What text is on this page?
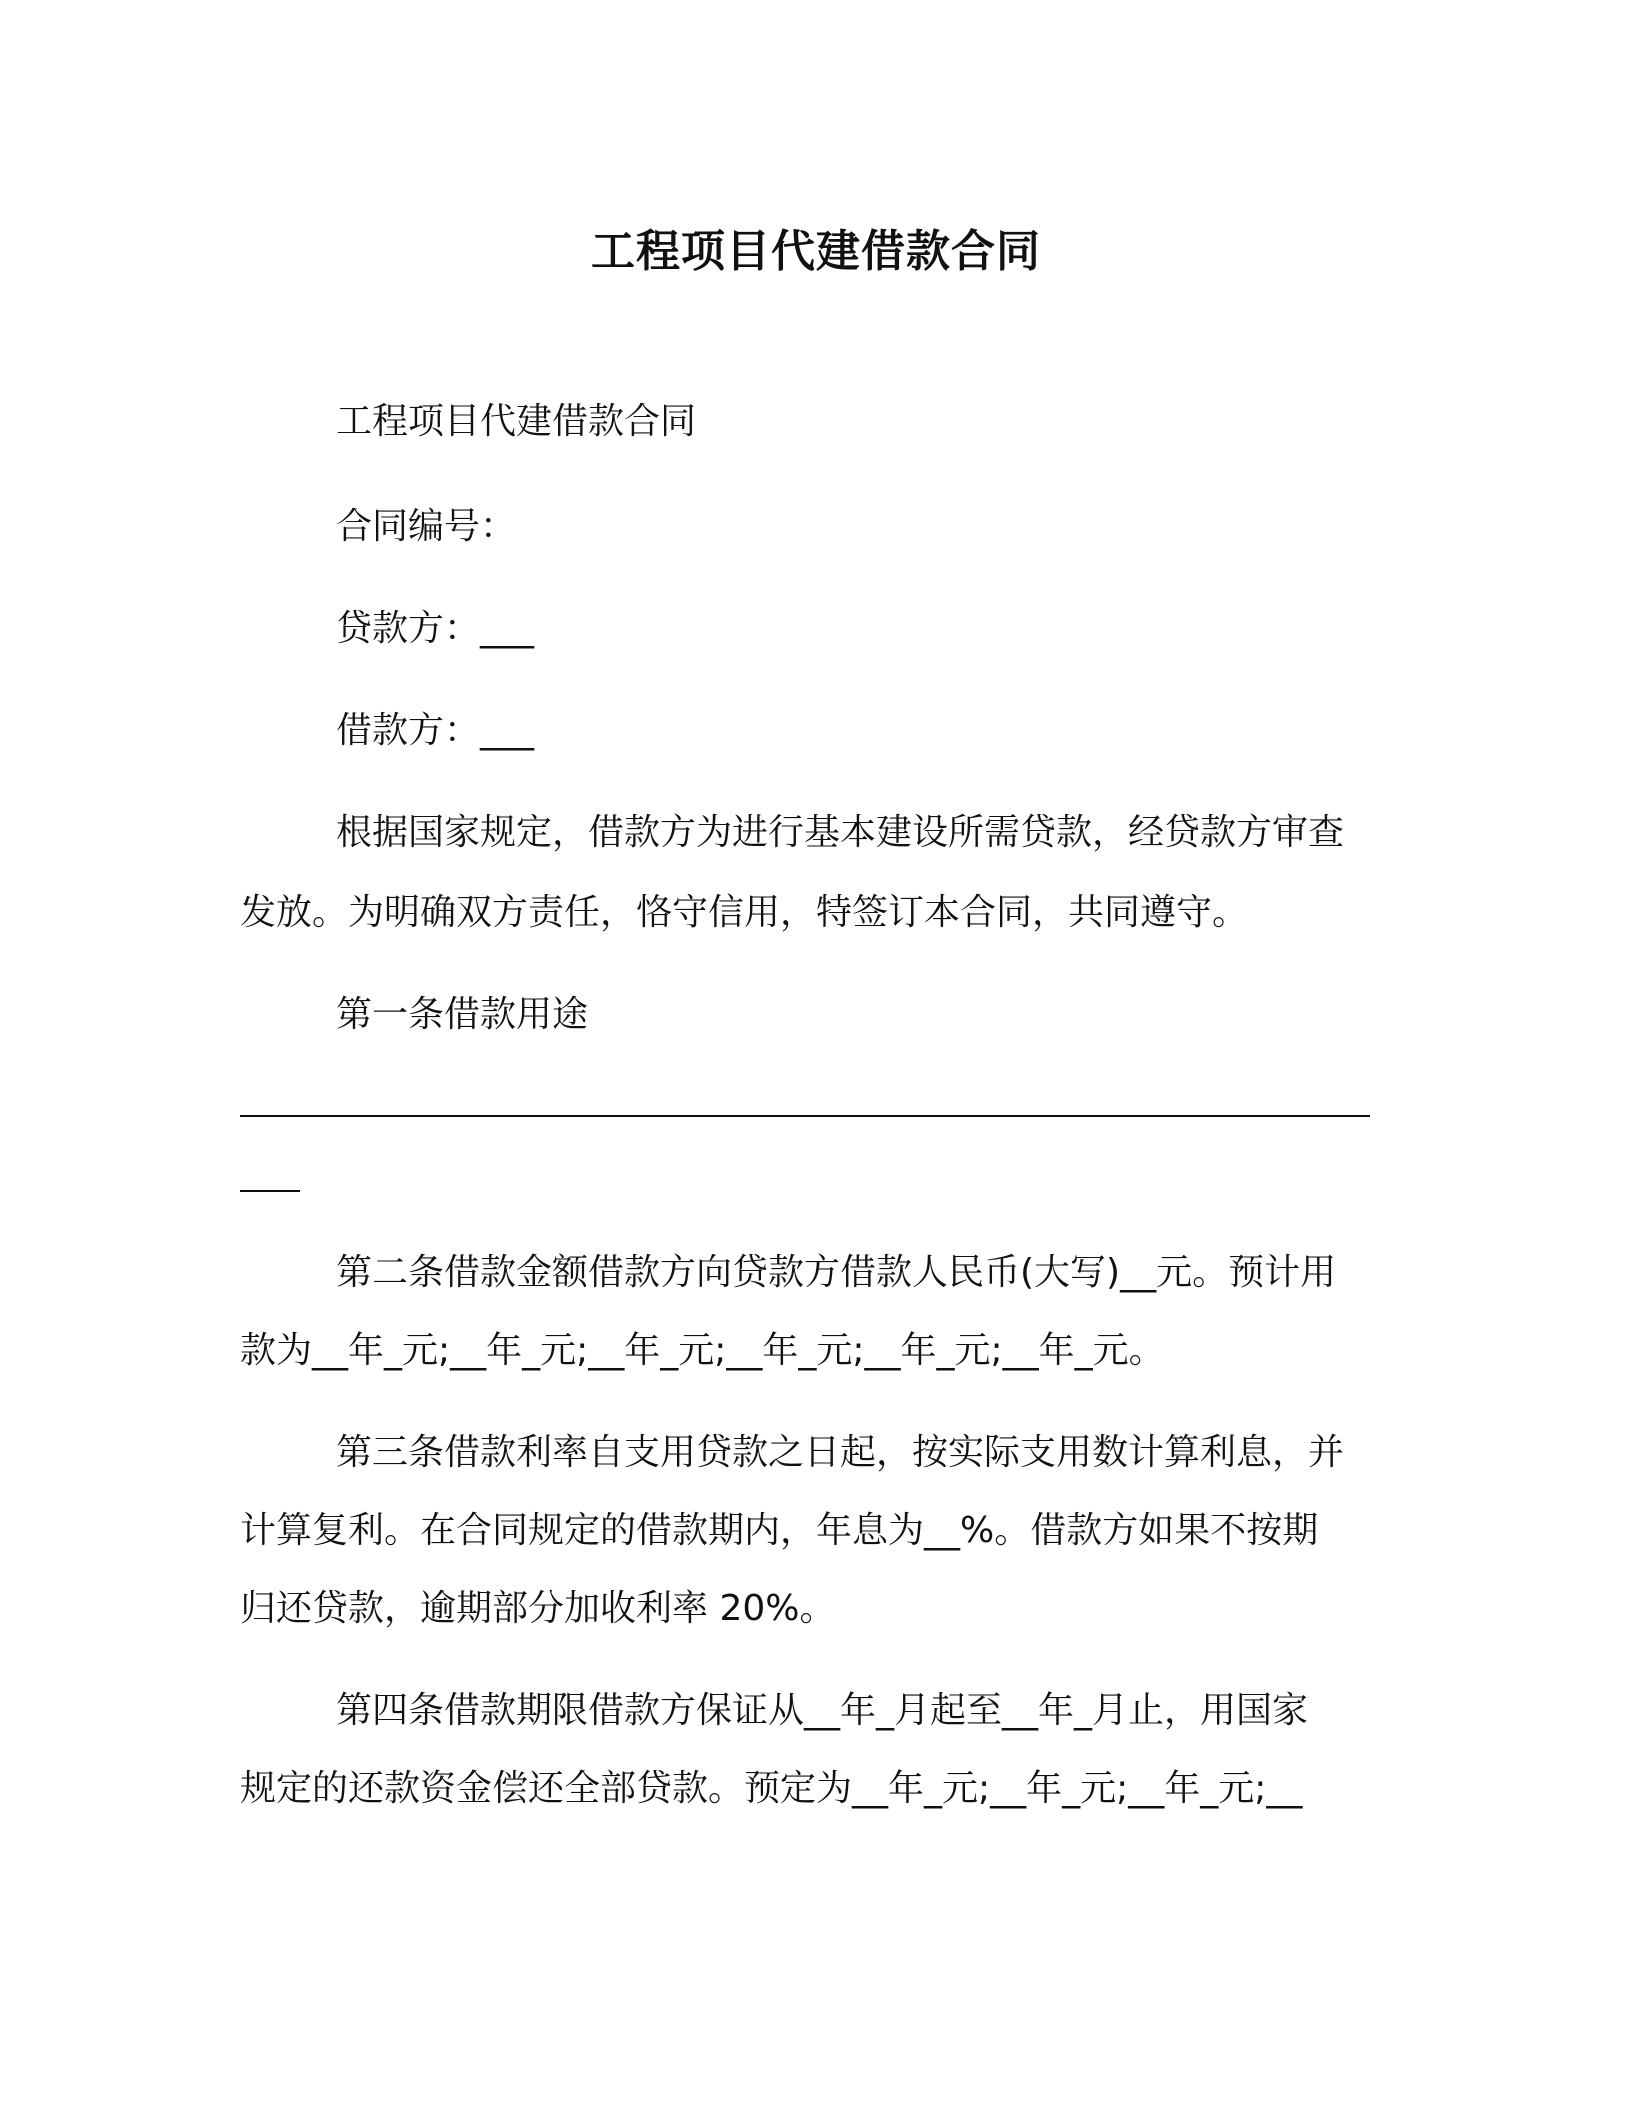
工程项目代建借款合同
工程项目代建借款合同
合同编号：
贷款方：___
借款方：___
根据国家规定，借款方为进行基本建设所需贷款，经贷款方审查
发放。为明确双方责任，恪守信用，特签订本合同，共同遵守。
第一条借款用途
第二条借款金额借款方向贷款方借款人民币(大写)__元。预计用
款为__年_元;__年_元;__年_元;__年_元;__年_元;__年_元。
第三条借款利率自支用贷款之日起，按实际支用数计算利息，并
计算复利。在合同规定的借款期内，年息为__%。借款方如果不按期
归还贷款，逾期部分加收利率 20%。
第四条借款期限借款方保证从__年_月起至__年_月止，用国家
规定的还款资金偿还全部贷款。预定为__年_元;__年_元;__年_元;__
